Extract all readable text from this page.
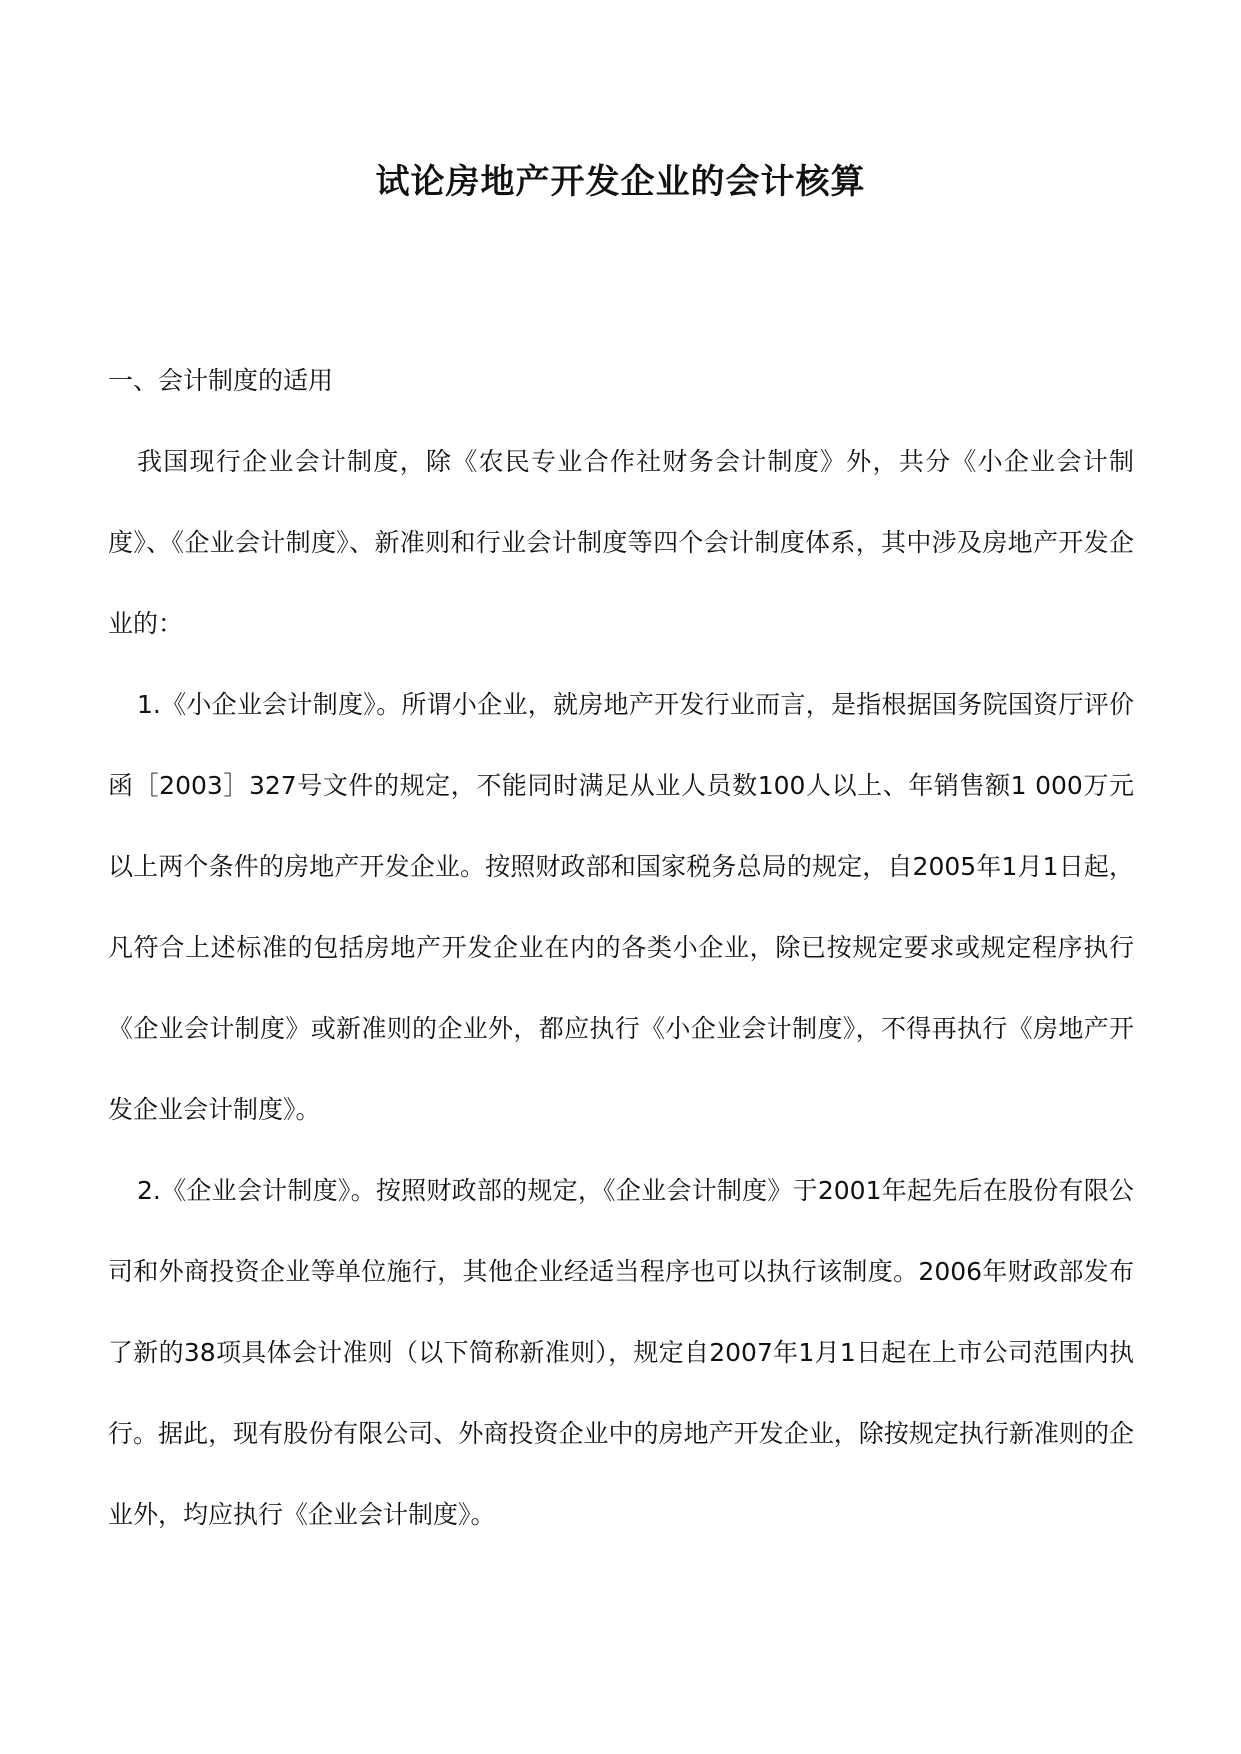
试论房地产开发企业的会计核算

一、会计制度的适用

我国现行企业会计制度，除《农民专业合作社财务会计制度》外，共分《小企业会计制度》、《企业会计制度》、新准则和行业会计制度等四个会计制度体系，其中涉及房地产开发企业的：

1.《小企业会计制度》。所谓小企业，就房地产开发行业而言，是指根据国务院国资厅评价函［2003］327号文件的规定，不能同时满足从业人员数100人以上、年销售额1 000万元以上两个条件的房地产开发企业。按照财政部和国家税务总局的规定，自2005年1月1日起，凡符合上述标准的包括房地产开发企业在内的各类小企业，除已按规定要求或规定程序执行《企业会计制度》或新准则的企业外，都应执行《小企业会计制度》，不得再执行《房地产开发企业会计制度》。

2.《企业会计制度》。按照财政部的规定，《企业会计制度》于2001年起先后在股份有限公司和外商投资企业等单位施行，其他企业经适当程序也可以执行该制度。2006年财政部发布了新的38项具体会计准则（以下简称新准则），规定自2007年1月1日起在上市公司范围内执行。据此，现有股份有限公司、外商投资企业中的房地产开发企业，除按规定执行新准则的企业外，均应执行《企业会计制度》。
